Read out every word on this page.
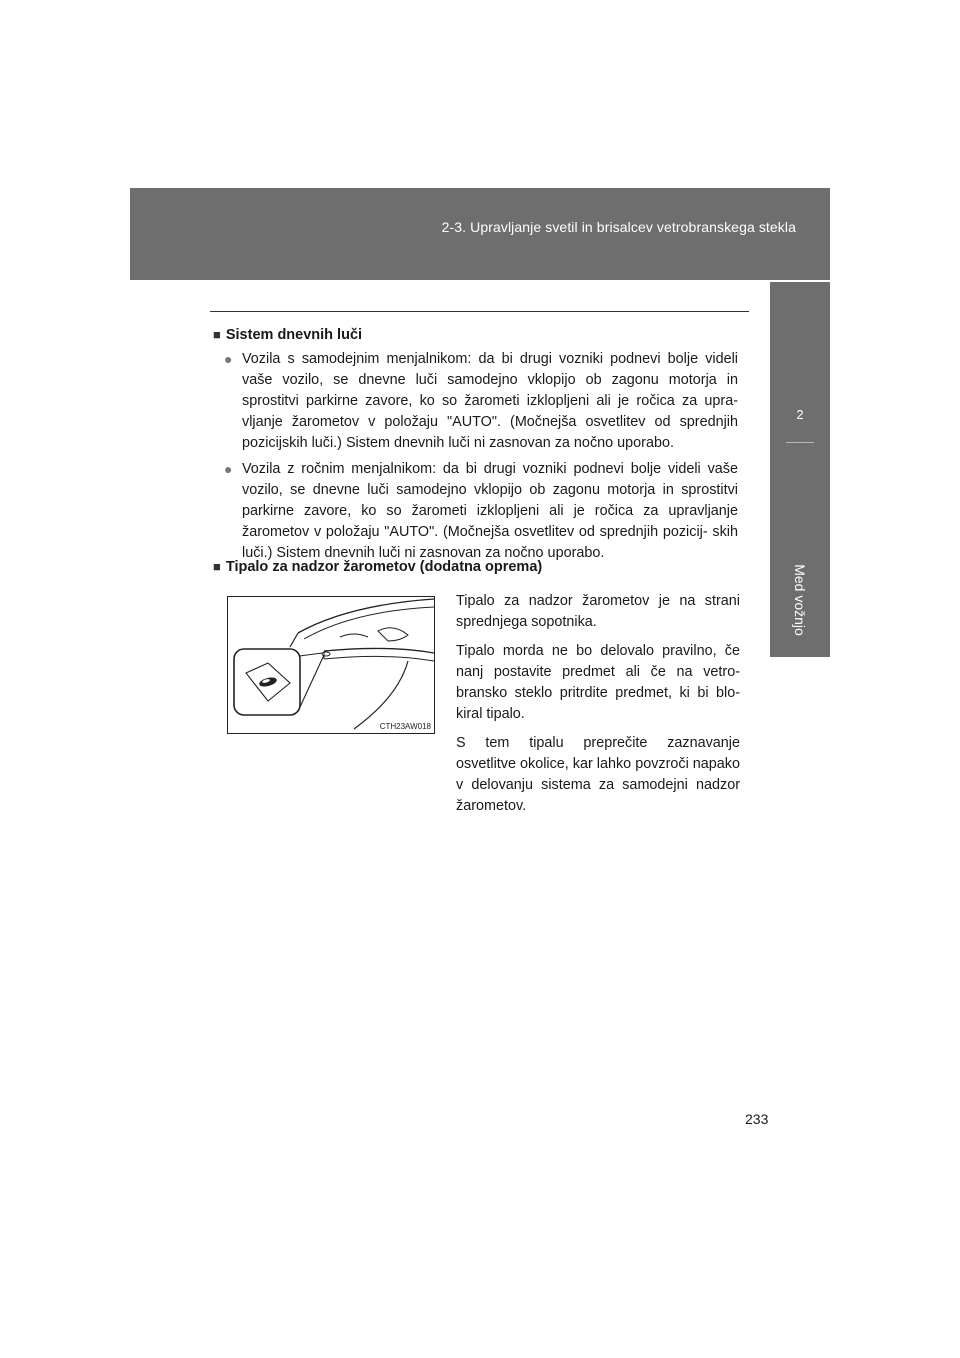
2-3. Upravljanje svetil in brisalcev vetrobranskega stekla
2
Med vožnjo
■ Sistem dnevnih luči
● Vozila s samodejnim menjalnikom: da bi drugi vozniki podnevi bolje videli vaše vozilo, se dnevne luči samodejno vklopijo ob zagonu motorja in sprostitvi parkirne zavore, ko so žarometi izklopljeni ali je ročica za upra- vljanje žarometov v položaju "AUTO". (Močnejša osvetlitev od sprednjih pozicijskih luči.) Sistem dnevnih luči ni zasnovan za nočno uporabo.
● Vozila z ročnim menjalnikom: da bi drugi vozniki podnevi bolje videli vaše vozilo, se dnevne luči samodejno vklopijo ob zagonu motorja in sprostitvi parkirne zavore, ko so žarometi izklopljeni ali je ročica za upravljanje žarometov v položaju "AUTO". (Močnejša osvetlitev od sprednjih pozicij- skih luči.) Sistem dnevnih luči ni zasnovan za nočno uporabo.
■ Tipalo za nadzor žarometov (dodatna oprema)
CTH23AW018

Tipalo za nadzor žarometov je na strani sprednjega sopotnika.

Tipalo morda ne bo delovalo pravilno, če nanj postavite predmet ali če na vetro- bransko steklo pritrdite predmet, ki bi blo- kiral tipalo.

S tem tipalu preprečite zaznavanje osvetlitve okolice, kar lahko povzroči napako v delovanju sistema za samodejni nadzor žarometov.

233
